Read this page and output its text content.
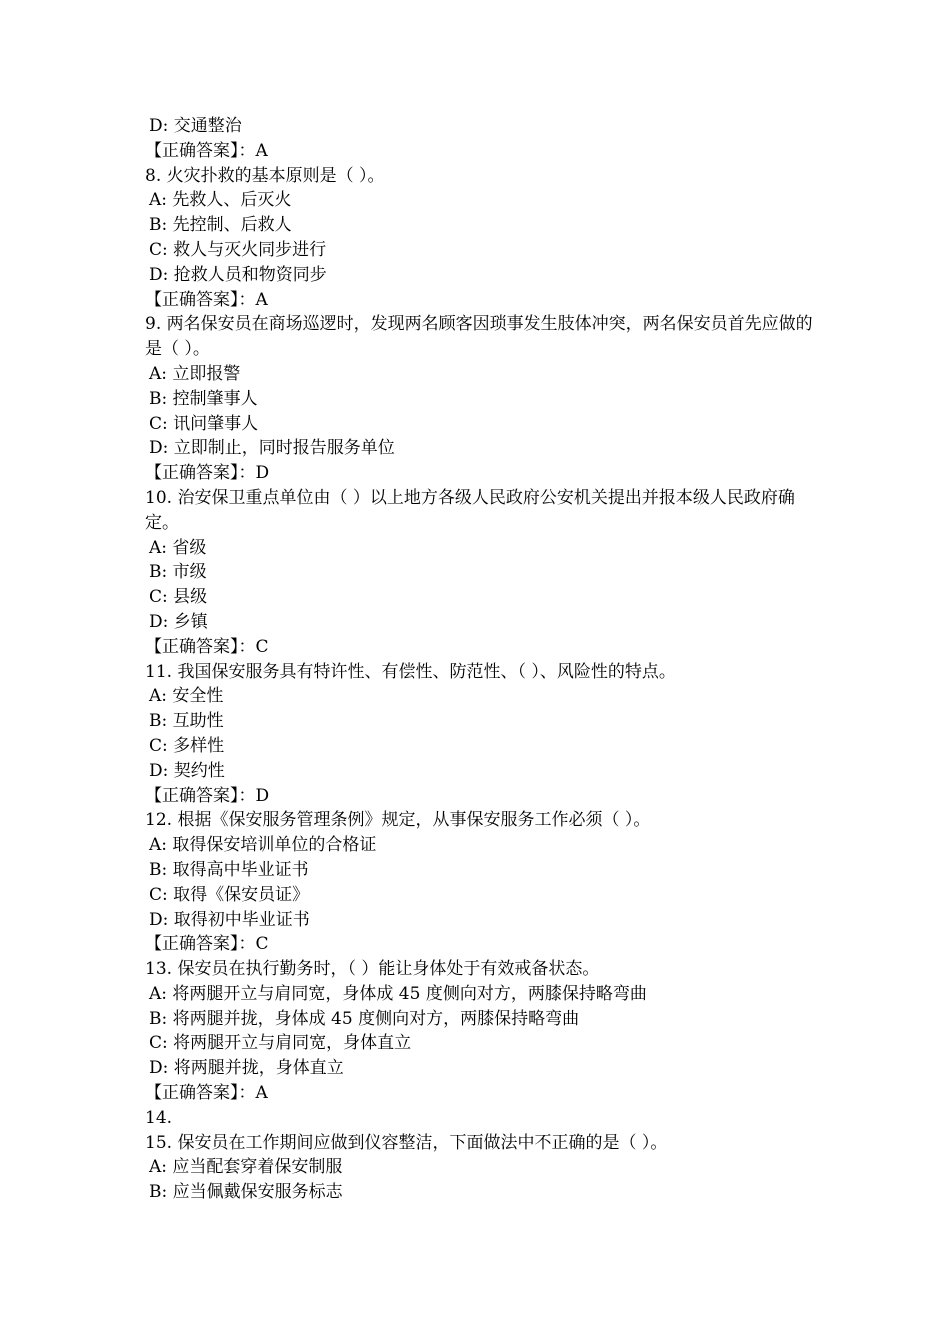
D: 交通整治
【正确答案】：A
8. 火灾扑救的基本原则是（ ）。
A: 先救人、后灭火
B: 先控制、后救人
C: 救人与灭火同步进行
D: 抢救人员和物资同步
【正确答案】：A
9. 两名保安员在商场巡逻时，发现两名顾客因琐事发生肢体冲突，两名保安员首先应做的是（ ）。
A: 立即报警
B: 控制肇事人
C: 讯问肇事人
D: 立即制止，同时报告服务单位
【正确答案】：D
10. 治安保卫重点单位由（ ）以上地方各级人民政府公安机关提出并报本级人民政府确定。
A: 省级
B: 市级
C: 县级
D: 乡镇
【正确答案】：C
11. 我国保安服务具有特许性、有偿性、防范性、（ ）、风险性的特点。
A: 安全性
B: 互助性
C: 多样性
D: 契约性
【正确答案】：D
12. 根据《保安服务管理条例》规定，从事保安服务工作必须（ ）。
A: 取得保安培训单位的合格证
B: 取得高中毕业证书
C: 取得《保安员证》
D: 取得初中毕业证书
【正确答案】：C
13. 保安员在执行勤务时，（ ）能让身体处于有效戒备状态。
A: 将两腿开立与肩同宽，身体成 45 度侧向对方，两膝保持略弯曲
B: 将两腿并拢，身体成 45 度侧向对方，两膝保持略弯曲
C: 将两腿开立与肩同宽，身体直立
D: 将两腿并拢，身体直立
【正确答案】：A
14.
15. 保安员在工作期间应做到仪容整洁，下面做法中不正确的是（ ）。
A: 应当配套穿着保安制服
B: 应当佩戴保安服务标志
